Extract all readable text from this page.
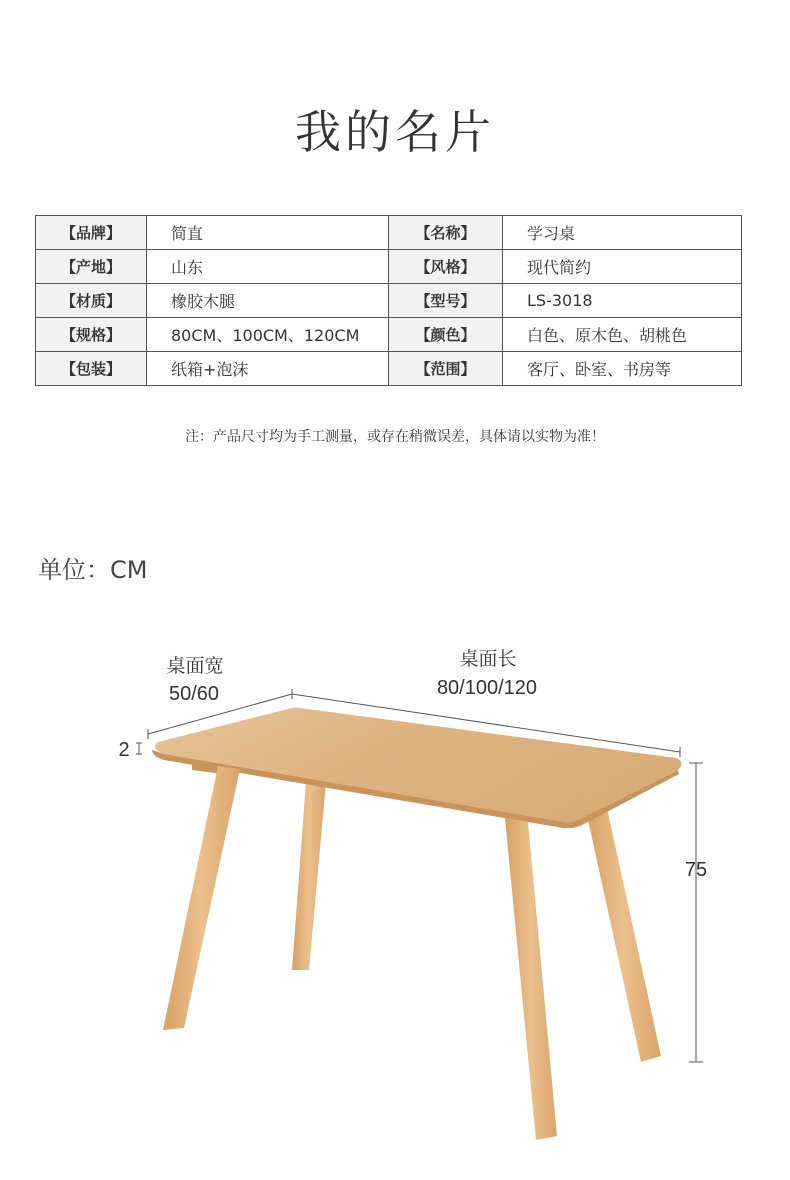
我的名片
【品牌】	简直	【名称】	学习桌
【产地】	山东	【风格】	现代简约
【材质】	橡胶木腿	【型号】	LS-3018
【规格】	80CM、100CM、120CM	【颜色】	白色、原木色、胡桃色
【包装】	纸箱+泡沫	【范围】	客厅、卧室、书房等
注：产品尺寸均为手工测量，或存在稍微误差，具体请以实物为准！
单位：CM
桌面宽
50/60
桌面长
80/100/120
2
75
